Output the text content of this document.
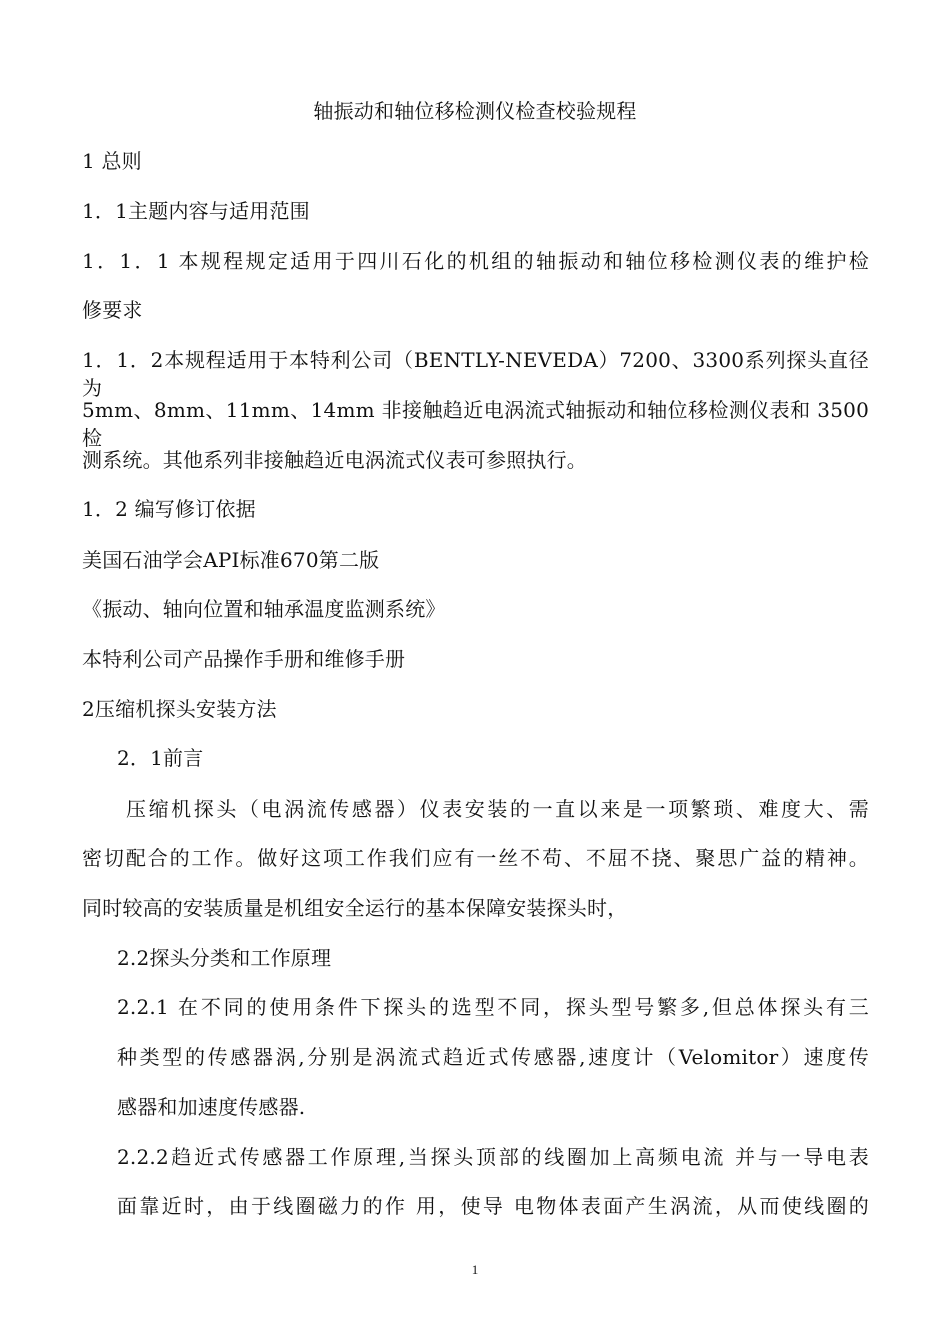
轴振动和轴位移检测仪检查校验规程
1 总则
1．1主题内容与适用范围
1．1．1 本规程规定适用于四川石化的机组的轴振动和轴位移检测仪表的维护检
修要求
1．1．2本规程适用于本特利公司（BENTLY-NEVEDA）7200、3300系列探头直径为
5mm、8mm、11mm、14mm 非接触趋近电涡流式轴振动和轴位移检测仪表和 3500 检
测系统。其他系列非接触趋近电涡流式仪表可参照执行。
1．2 编写修订依据
美国石油学会API标准670第二版
《振动、轴向位置和轴承温度监测系统》
本特利公司产品操作手册和维修手册
2压缩机探头安装方法
2．1前言
压缩机探头（电涡流传感器）仪表安装的一直以来是一项繁琐、难度大、需
密切配合的工作。做好这项工作我们应有一丝不苟、不屈不挠、聚思广益的精神。
同时较高的安装质量是机组安全运行的基本保障安装探头时，
2.2探头分类和工作原理
2.2.1 在不同的使用条件下探头的选型不同，探头型号繁多,但总体探头有三
种类型的传感器涡,分别是涡流式趋近式传感器,速度计（Velomitor）速度传
感器和加速度传感器.
2.2.2趋近式传感器工作原理,当探头顶部的线圈加上高频电流 并与一导电表
面靠近时，由于线圈磁力的作 用，使导 电物体表面产生涡流，从而使线圈的
1
